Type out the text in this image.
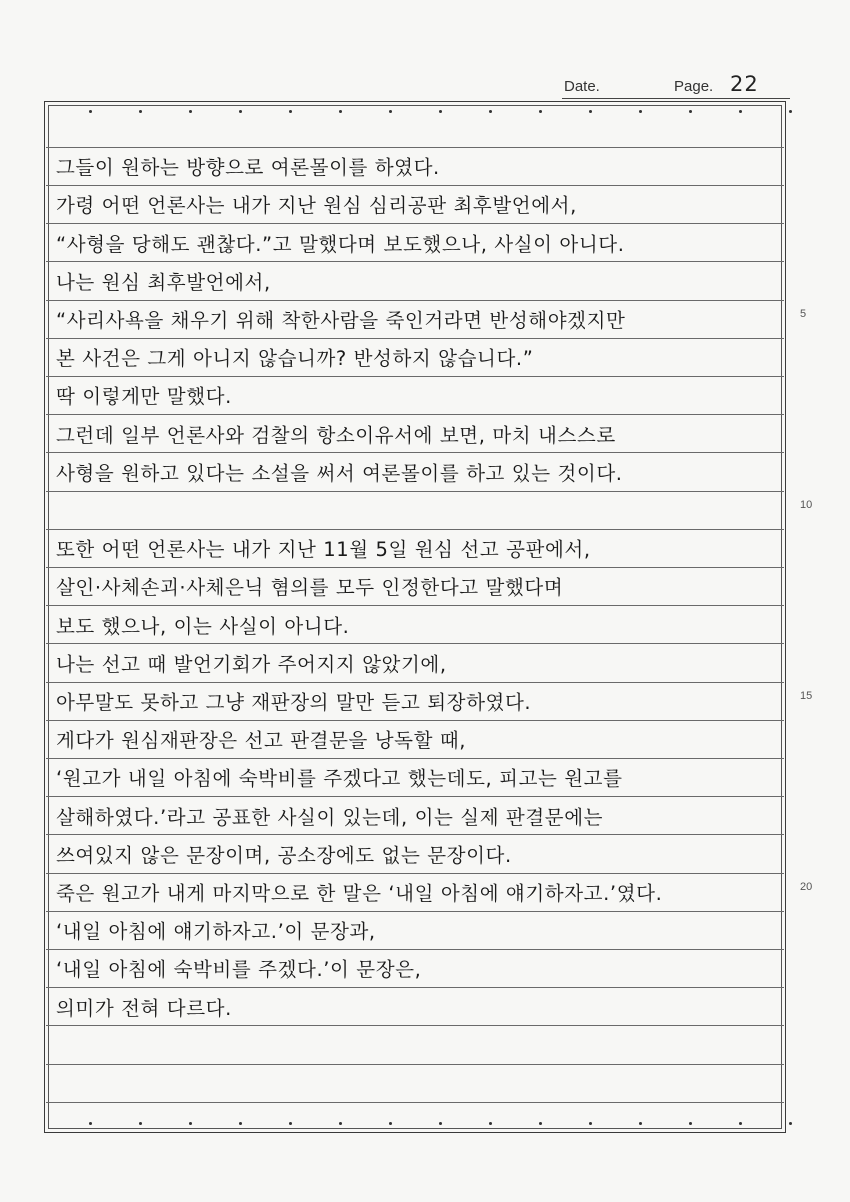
Date.	Page. 22
그들이 원하는 방향으로 여론몰이를 하였다.
가령 어떤 언론사는 내가 지난 원심 심리공판 최후발언에서,
“사형을 당해도 괜찮다.”고 말했다며 보도했으나, 사실이 아니다.
나는 원심 최후발언에서,
“사리사욕을 채우기 위해 착한사람을 죽인거라면 반성해야겠지만
본 사건은 그게 아니지 않습니까? 반성하지 않습니다.”
딱 이렇게만 말했다.
그런데 일부 언론사와 검찰의 항소이유서에 보면, 마치 내스스로
사형을 원하고 있다는 소설을 써서 여론몰이를 하고 있는 것이다.
또한 어떤 언론사는 내가 지난 11월 5일 원심 선고 공판에서,
살인·사체손괴·사체은닉 혐의를 모두 인정한다고 말했다며
보도 했으나, 이는 사실이 아니다.
나는 선고 때 발언기회가 주어지지 않았기에,
아무말도 못하고 그냥 재판장의 말만 듣고 퇴장하였다.
게다가 원심재판장은 선고 판결문을 낭독할 때,
‘원고가 내일 아침에 숙박비를 주겠다고 했는데도, 피고는 원고를
살해하였다.’라고 공표한 사실이 있는데, 이는 실제 판결문에는
쓰여있지 않은 문장이며, 공소장에도 없는 문장이다.
죽은 원고가 내게 마지막으로 한 말은 ‘내일 아침에 얘기하자고.’였다.
‘내일 아침에 얘기하자고.’이 문장과,
‘내일 아침에 숙박비를 주겠다.’이 문장은,
의미가 전혀 다르다.
5
10
15
20
